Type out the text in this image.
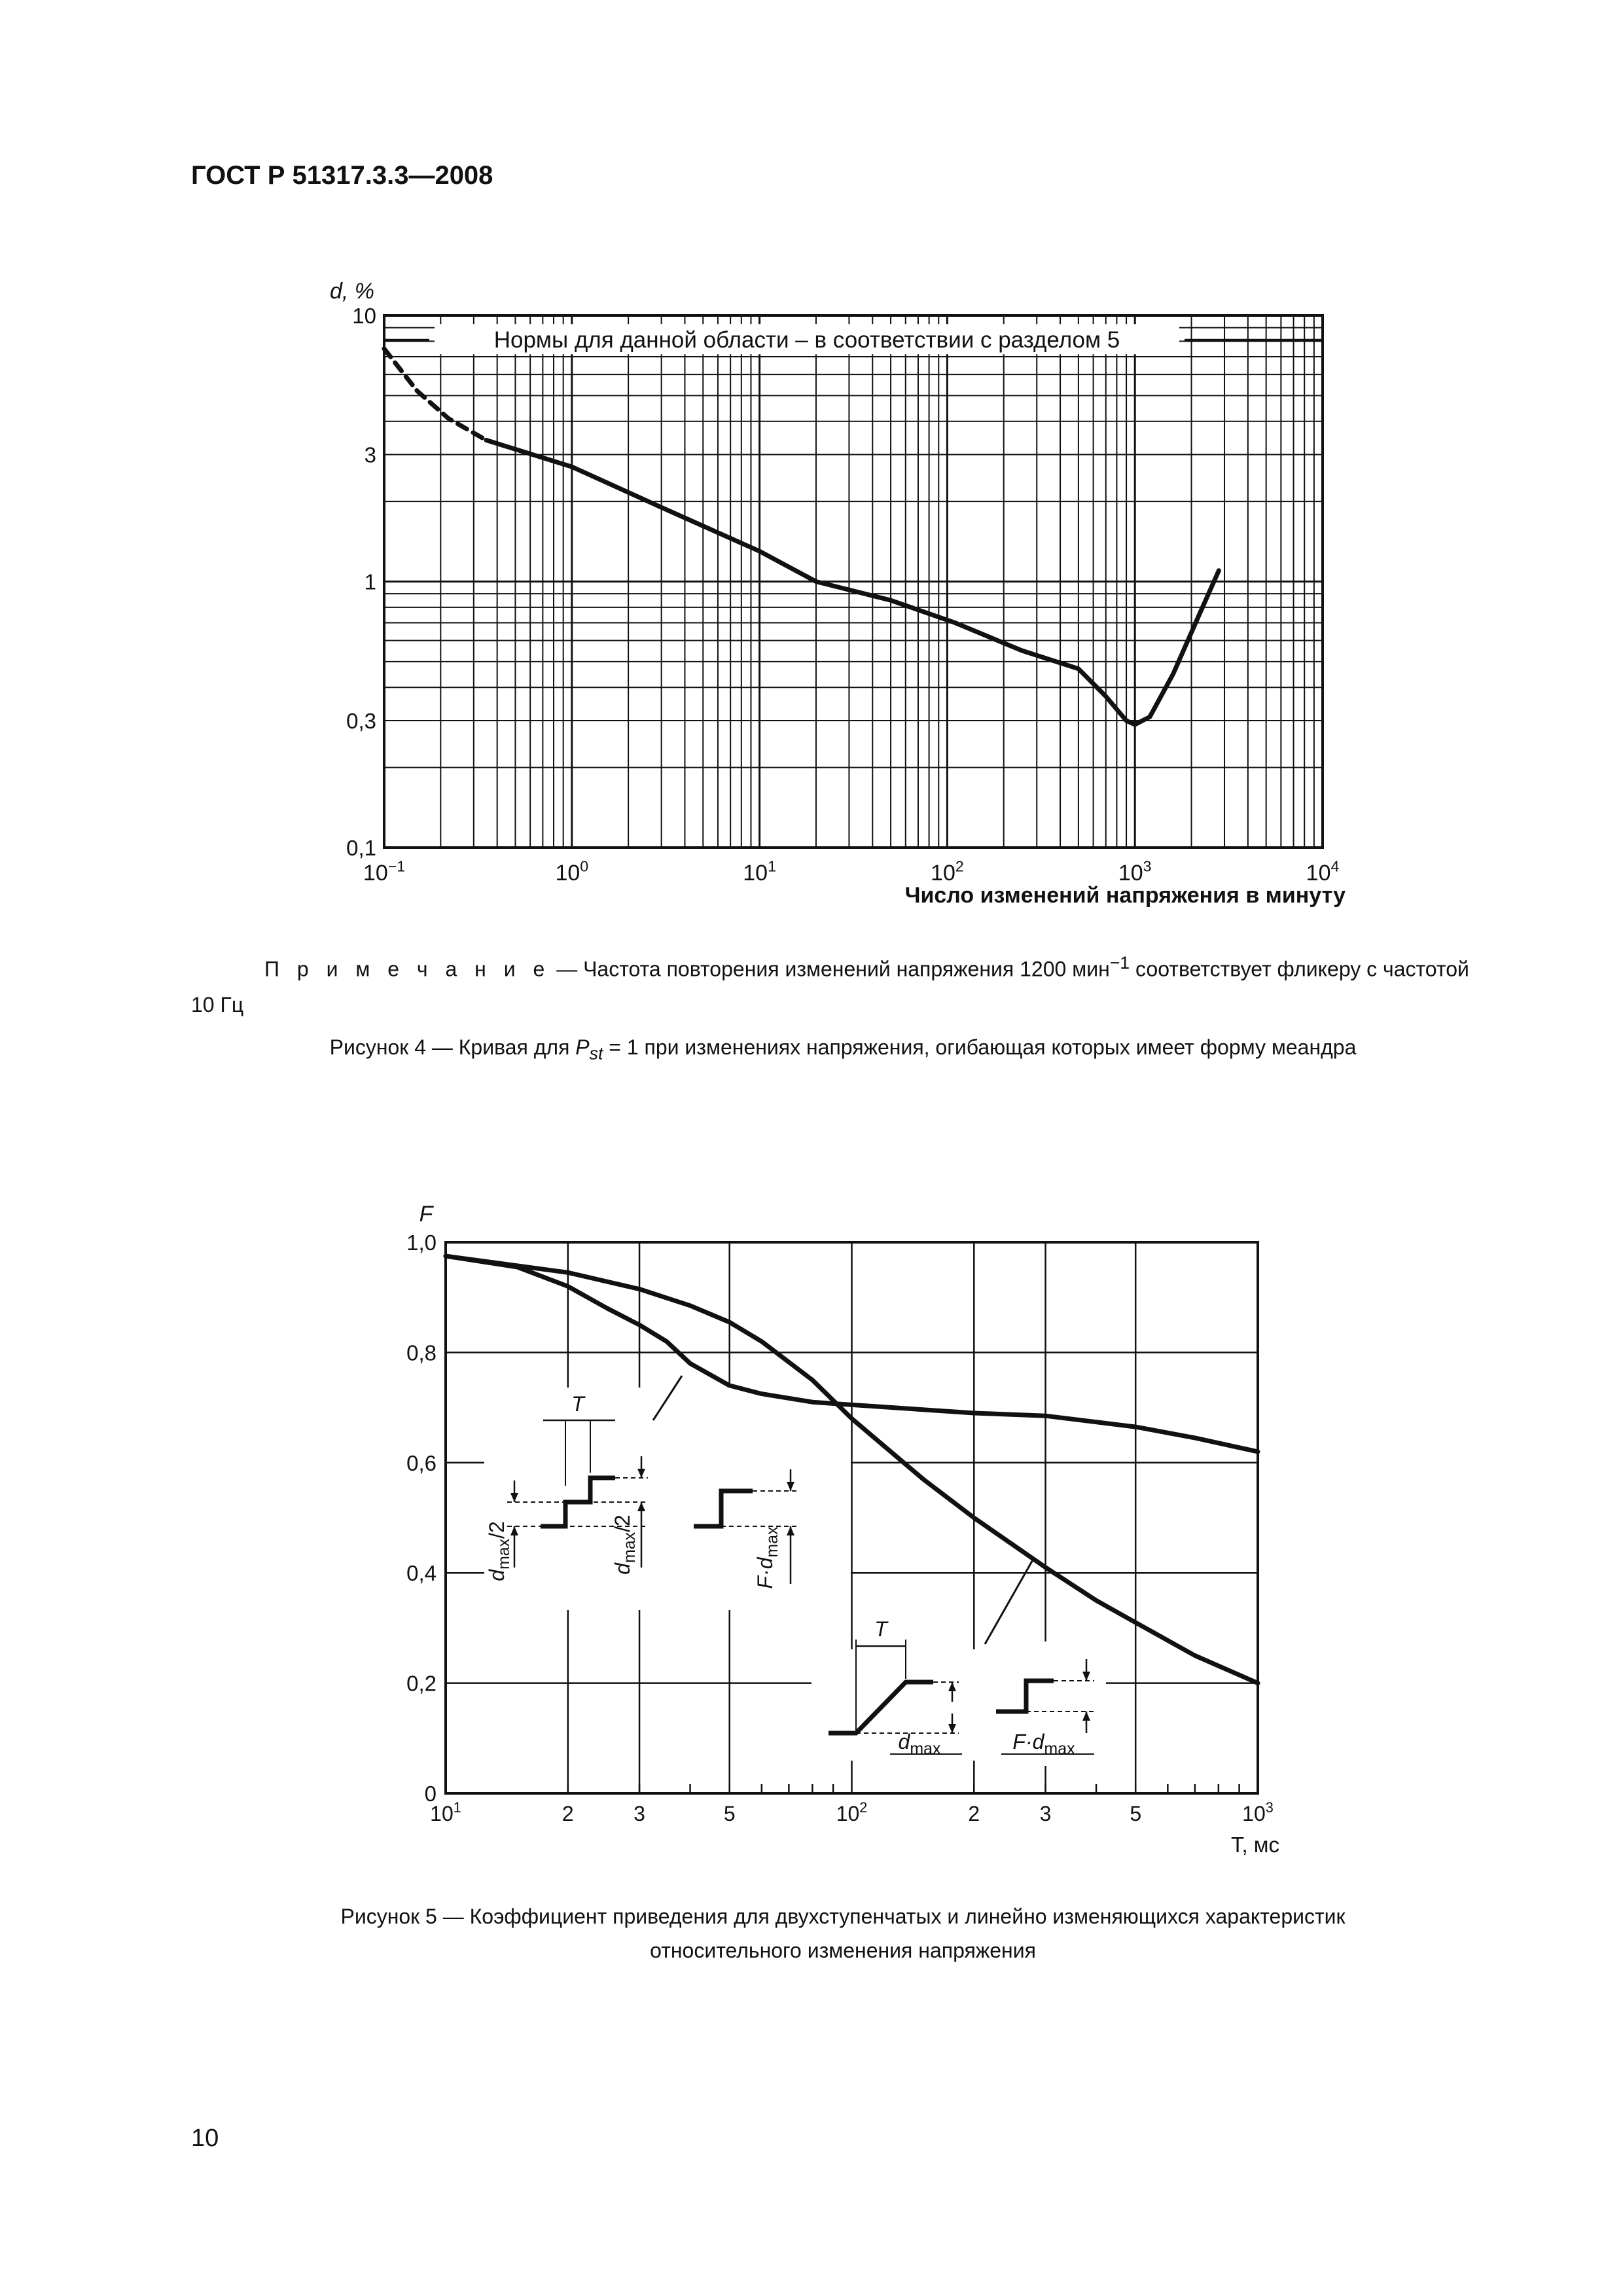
ГОСТ Р 51317.3.3—2008
Нормы для данной области – в соответствии с разделом 5
0,1
0,3
1
3
10
$10^{-1}$	$10^0$	$10^1$	$10^2$	$10^3$	$10^4$
d, %
Число изменений напряжения в минуту
0
0,2
0,4
0,6
0,8
1,0
$10^1$	2	3	5	$10^2$	2	3	5	$10^3$
F
T, мс
T
$d_{max}/2$
$d_{max}/2$
$F\cdot d_{max}$
T
$d_{max}$	$F\cdot d_{max}$
П р и м е ч а н и е — Частота повторения изменений напряжения 1200 мин$^{-1}$ соответствует фликеру с частотой 10 Гц
Рисунок 4 — Кривая для $P_{st} = 1$ при изменениях напряжения, огибающая которых имеет форму меандра
Рисунок 5 — Коэффициент приведения для двухступенчатых и линейно изменяющихся характеристик
относительного изменения напряжения
10
